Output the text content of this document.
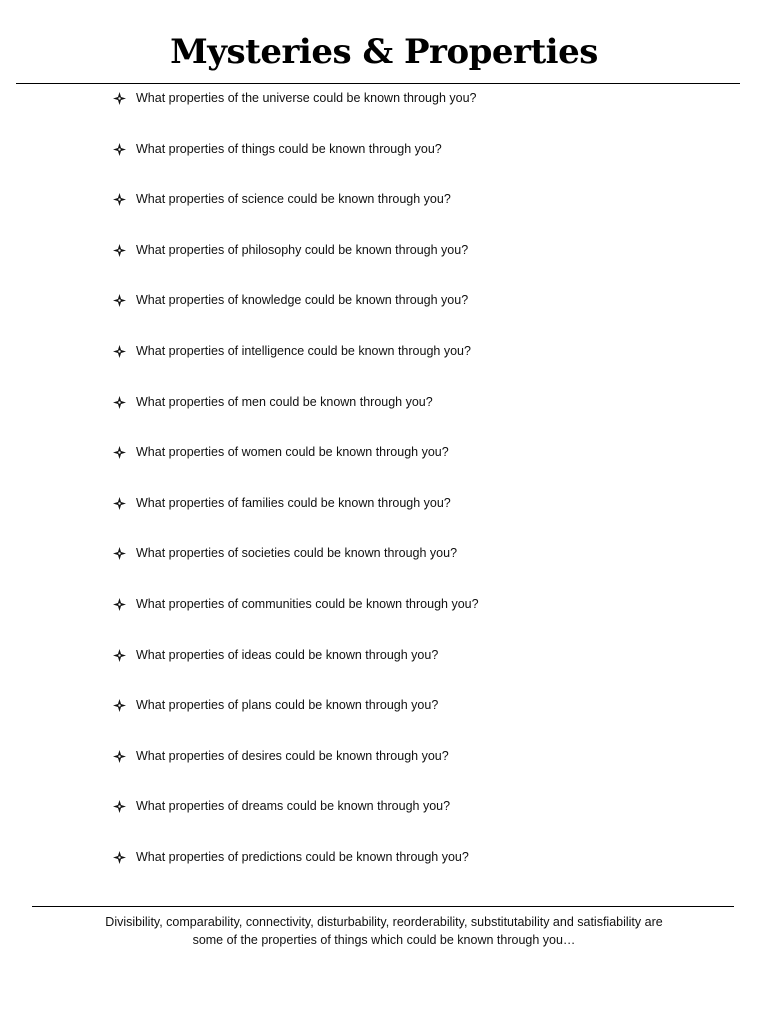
Mysteries & Properties
What properties of the universe could be known through you?
What properties of things could be known through you?
What properties of science could be known through you?
What properties of philosophy could be known through you?
What properties of knowledge could be known through you?
What properties of intelligence could be known through you?
What properties of men could be known through you?
What properties of women could be known through you?
What properties of families could be known through you?
What properties of societies could be known through you?
What properties of communities could be known through you?
What properties of ideas could be known through you?
What properties of plans could be known through you?
What properties of desires could be known through you?
What properties of dreams could be known through you?
What properties of predictions could be known through you?
Divisibility, comparability, connectivity, disturbability, reorderability, substitutability and satisfiability are
some of the properties of things which could be known through you…
